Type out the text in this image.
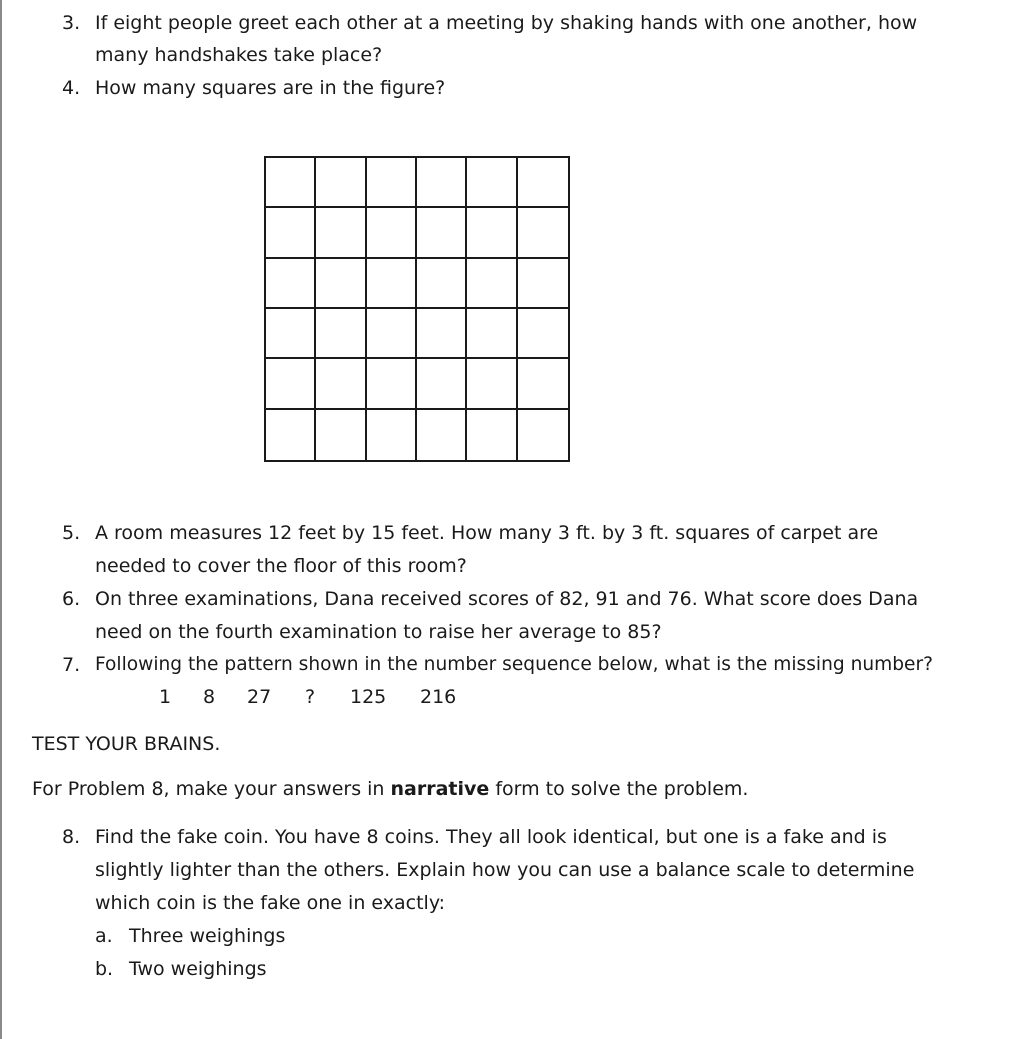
3. If eight people greet each other at a meeting by shaking hands with one another, how
many handshakes take place?
4. How many squares are in the figure?
5. A room measures 12 feet by 15 feet. How many 3 ft. by 3 ft. squares of carpet are
needed to cover the floor of this room?
6. On three examinations, Dana received scores of 82, 91 and 76. What score does Dana
need on the fourth examination to raise her average to 85?
7. Following the pattern shown in the number sequence below, what is the missing number?
1 8 27 ? 125 216
TEST YOUR BRAINS.
For Problem 8, make your answers in narrative form to solve the problem.
8. Find the fake coin. You have 8 coins. They all look identical, but one is a fake and is
slightly lighter than the others. Explain how you can use a balance scale to determine
which coin is the fake one in exactly:
a. Three weighings
b. Two weighings
